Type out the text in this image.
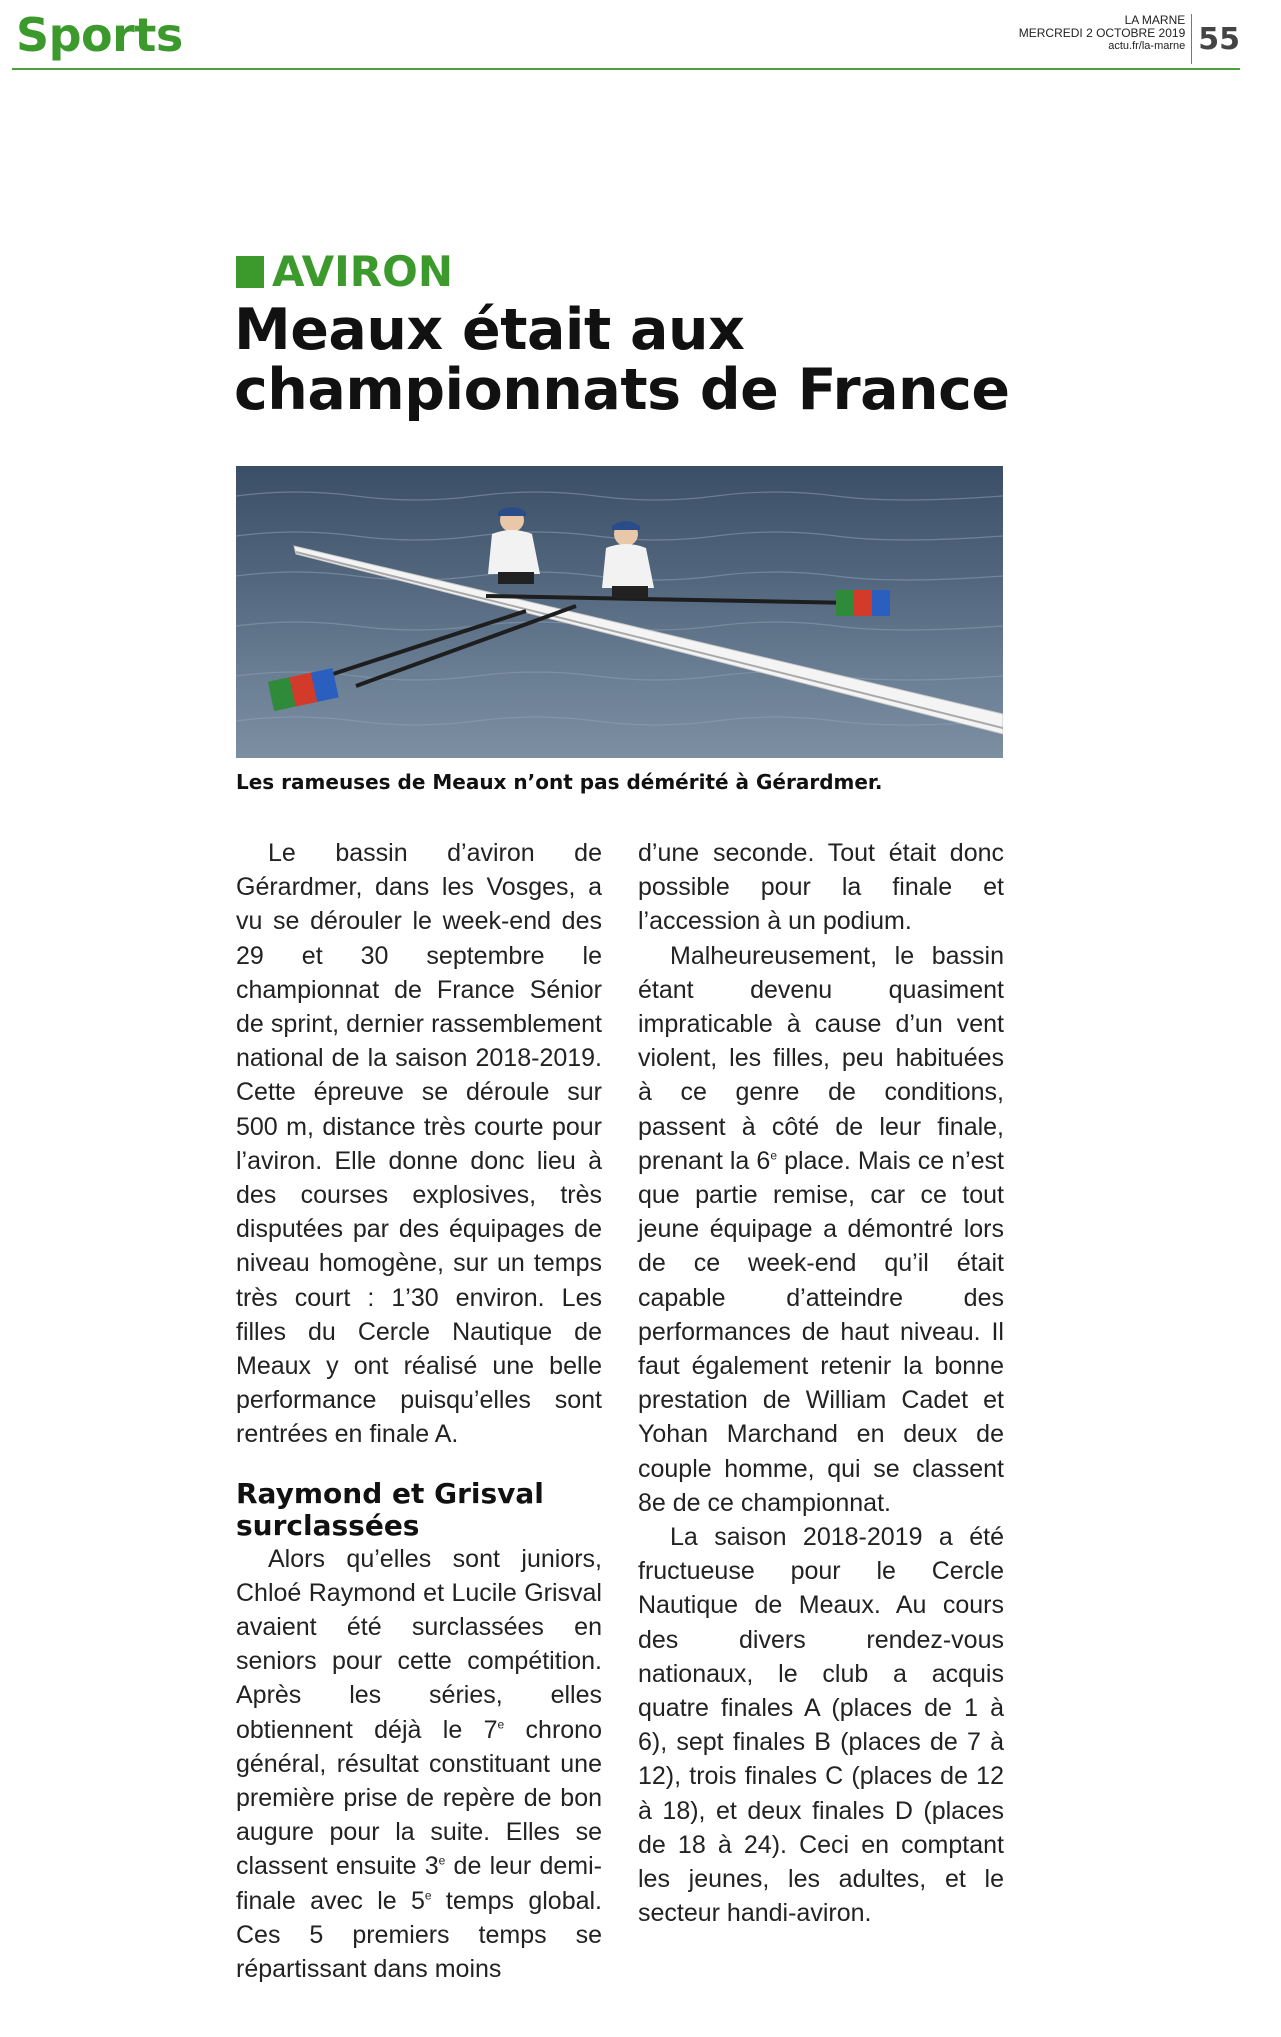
Sports	LA MARNE
MERCREDI 2 OCTOBRE 2019
actu.fr/la-marne 55
AVIRON
Meaux était aux championnats de France
Les rameuses de Meaux n’ont pas démérité à Gérardmer.

Le bassin d’aviron de Gérardmer, dans les Vosges, a vu se dérouler le week-end des 29 et 30 septembre le championnat de France Sénior de sprint, dernier rassemblement national de la saison 2018-2019. Cette épreuve se déroule sur 500 m, distance très courte pour l’aviron. Elle donne donc lieu à des courses explosives, très disputées par des équipages de niveau homogène, sur un temps très court : 1’30 environ. Les filles du Cercle Nautique de Meaux y ont réalisé une belle performance puisqu’elles sont rentrées en finale A.

Raymond et Grisval surclassées

Alors qu’elles sont juniors, Chloé Raymond et Lucile Grisval avaient été surclassées en seniors pour cette compétition. Après les séries, elles obtiennent déjà le 7e chrono général, résultat constituant une première prise de repère de bon augure pour la suite. Elles se classent ensuite 3e de leur demi-finale avec le 5e temps global. Ces 5 premiers temps se répartissant dans moins

d’une seconde. Tout était donc possible pour la finale et l’accession à un podium.

Malheureusement, le bassin étant devenu quasiment impraticable à cause d’un vent violent, les filles, peu habituées à ce genre de conditions, passent à côté de leur finale, prenant la 6e place. Mais ce n’est que partie remise, car ce tout jeune équipage a démontré lors de ce week-end qu’il était capable d’atteindre des performances de haut niveau. Il faut également retenir la bonne prestation de William Cadet et Yohan Marchand en deux de couple homme, qui se classent 8e de ce championnat.

La saison 2018-2019 a été fructueuse pour le Cercle Nautique de Meaux. Au cours des divers rendez-vous nationaux, le club a acquis quatre finales A (places de 1 à 6), sept finales B (places de 7 à 12), trois finales C (places de 12 à 18), et deux finales D (places de 18 à 24). Ceci en comptant les jeunes, les adultes, et le secteur handi-aviron.
